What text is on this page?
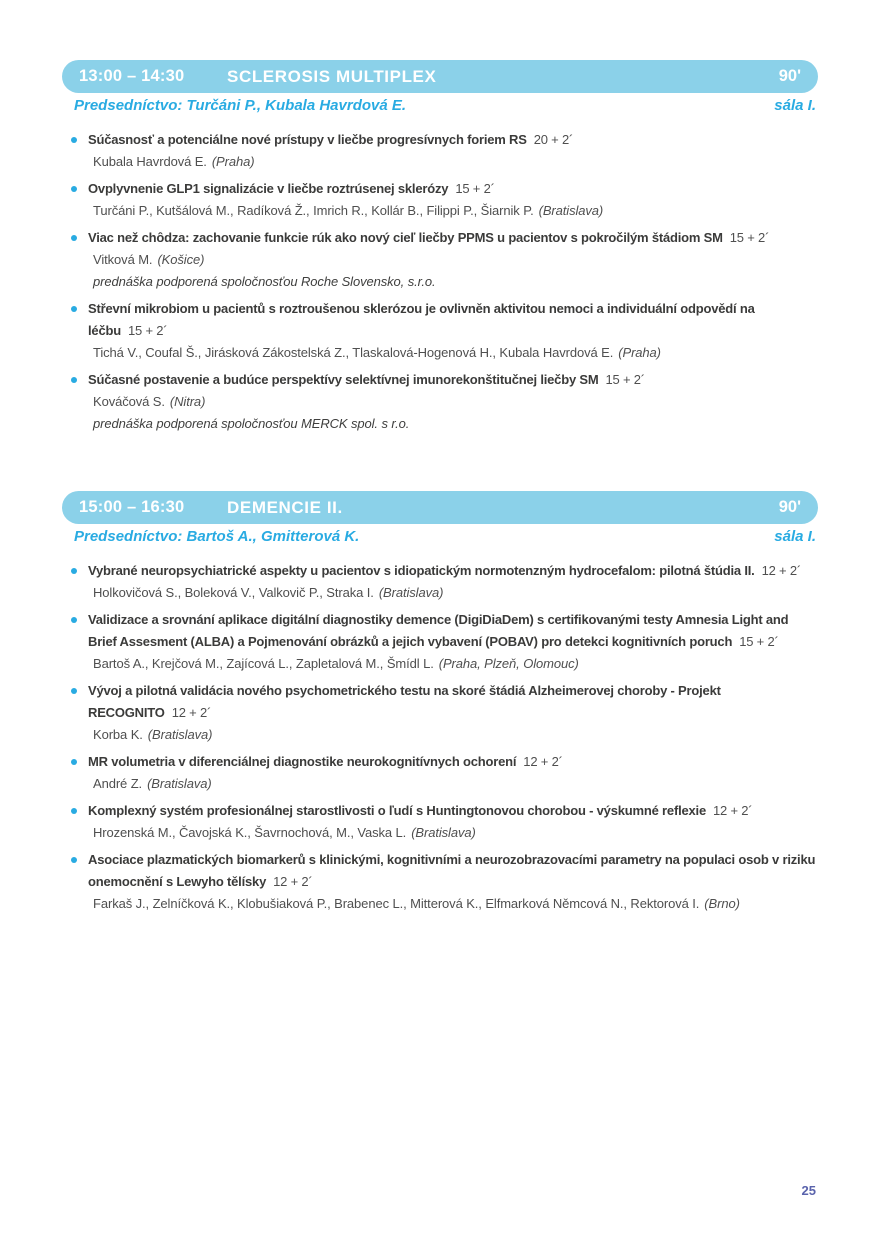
13:00 – 14:30	SCLEROSIS MULTIPLEX	90'
Predsedníctvo: Turčáni P., Kubala Havrdová E.	sála I.
Súčasnosť a potenciálne nové prístupy v liečbe progresívnych foriem RS 20 + 2´
Kubala Havrdová E. (Praha)
Ovplyvnenie GLP1 signalizácie v liečbe roztrúsenej sklerózy 15 + 2´
Turčáni P., Kutšálová M., Radíková Ž., Imrich R., Kollár B., Filippi P., Šiarnik P. (Bratislava)
Viac než chôdza: zachovanie funkcie rúk ako nový cieľ liečby PPMS u pacientov s pokročilým štádiom SM 15 + 2´
Vitková M. (Košice)
prednáška podporená spoločnosťou Roche Slovensko, s.r.o.
Střevní mikrobiom u pacientů s roztroušenou sklerózou je ovlivněn aktivitou nemoci a individuální odpovědí na léčbu 15 + 2´
Tichá V., Coufal Š., Jirásková Zákostelská Z., Tlaskalová-Hogenová H., Kubala Havrdová E. (Praha)
Súčasné postavenie a budúce perspektívy selektívnej imunorekonštitučnej liečby SM 15 + 2´
Kováčová S. (Nitra)
prednáška podporená spoločnosťou MERCK spol. s r.o.
15:00 – 16:30	DEMENCIE II.	90'
Predsedníctvo: Bartoš A., Gmitterová K.	sála I.
Vybrané neuropsychiatrické aspekty u pacientov s idiopatickým normotenzným hydrocefalom: pilotná štúdia II. 12 + 2´
Holkovičová S., Boleková V., Valkovič P., Straka I. (Bratislava)
Validizace a srovnání aplikace digitální diagnostiky demence (DigiDiaDem) s certifikovanými testy Amnesia Light and Brief Assesment (ALBA) a Pojmenování obrázků a jejich vybavení (POBAV) pro detekci kognitivních poruch 15 + 2´
Bartoš A., Krejčová M., Zajícová L., Zapletalová M., Šmídl L. (Praha, Plzeň, Olomouc)
Vývoj a pilotná validácia nového psychometrického testu na skoré štádiá Alzheimerovej choroby - Projekt RECOGNITO 12 + 2´
Korba K. (Bratislava)
MR volumetria v diferenciálnej diagnostike neurokognitívnych ochorení 12 + 2´
André Z. (Bratislava)
Komplexný systém profesionálnej starostlivosti o ľudí s Huntingtonovou chorobou - výskumné reflexie 12 + 2´
Hrozenská M., Čavojská K., Šavrnochová, M., Vaska L. (Bratislava)
Asociace plazmatických biomarkerů s klinickými, kognitivními a neurozobrazovacími parametry na populaci osob v riziku onemocnění s Lewyho tělísky 12 + 2´
Farkaš J., Zelníčková K., Klobušiaková P., Brabenec L., Mitterová K., Elfmarková Němcová N., Rektorová I. (Brno)
25
